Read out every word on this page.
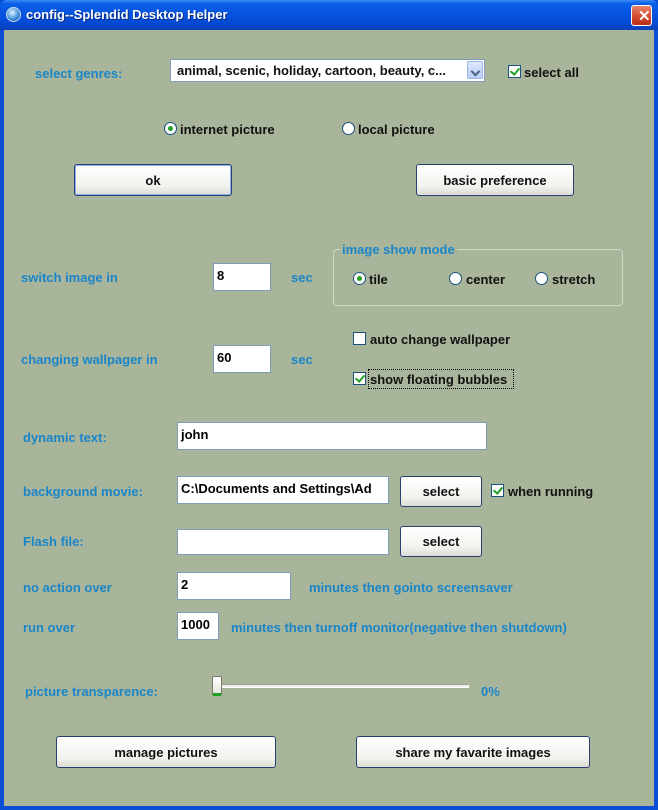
config--Splendid Desktop Helper	✕
select genres:	animal, scenic, holiday, cartoon, beauty, c...	select all
internet picture	local picture
ok	basic preference
switch image in	8	sec
image show mode
tile	center	stretch
auto change wallpaper
changing wallpager in	60	sec
show floating bubbles
dynamic text:	john
background movie:	C:\Documents and Settings\Ad	select	when running
Flash file:	select
no action over	2	minutes then gointo screensaver
run over	1000	minutes then turnoff monitor(negative then shutdown)
picture transparence:	0%
manage pictures	share my favarite images
